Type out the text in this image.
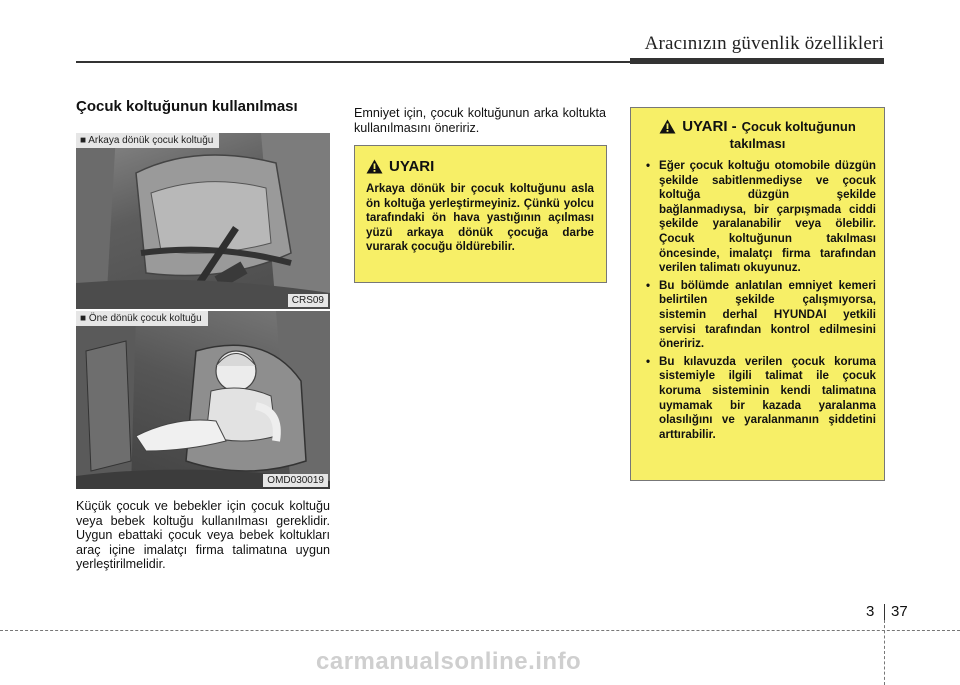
Aracınızın güvenlik özellikleri
Çocuk koltuğunun kullanılması
■ Arkaya dönük çocuk koltuğu
CRS09
■ Öne dönük çocuk koltuğu
OMD030019
Küçük çocuk ve bebekler için çocuk koltuğu veya bebek koltuğu kullanılması gereklidir. Uygun ebattaki çocuk veya bebek koltukları araç içine imalatçı firma talimatına uygun yerleştirilmelidir.
Emniyet için, çocuk koltuğunun arka koltukta kullanılmasını öneririz.
UYARI
Arkaya dönük bir çocuk koltuğunu asla ön koltuğa yerleştirmeyiniz. Çünkü yolcu tarafındaki ön hava yastığının açılması yüzü arkaya dönük çocuğa darbe vurarak çocuğu öldürebilir.
UYARI - Çocuk koltuğunun
takılması
• Eğer çocuk koltuğu otomobile düzgün şekilde sabitlenmediyse ve çocuk koltuğa düzgün şekilde bağlanmadıysa, bir çarpışmada ciddi şekilde yaralanabilir veya ölebilir. Çocuk koltuğunun takılması öncesinde, imalatçı firma tarafından verilen talimatı okuyunuz.
• Bu bölümde anlatılan emniyet kemeri belirtilen şekilde çalışmıyorsa, sistemin derhal HYUNDAI yetkili servisi tarafından kontrol edilmesini öneririz.
• Bu kılavuzda verilen çocuk koruma sistemiyle ilgili talimat ile çocuk koruma sisteminin kendi talimatına uymamak bir kazada yaralanma olasılığını ve yaralanmanın şiddetini arttırabilir.
3 37
carmanualsonline.info
